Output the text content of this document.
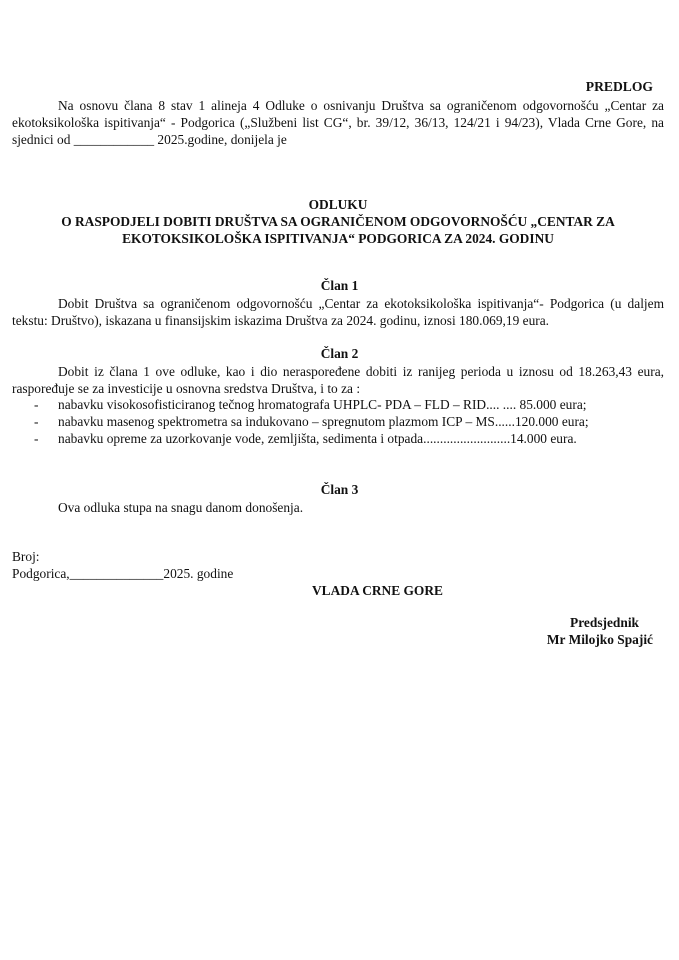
PREDLOG
Na osnovu člana 8 stav 1 alineja 4 Odluke o osnivanju Društva sa ograničenom odgovornošću „Centar za ekotoksikološka ispitivanja“ - Podgorica („Službeni list CG“, br. 39/12, 36/13, 124/21 i 94/23), Vlada Crne Gore, na sjednici od ____________ 2025.godine, donijela je
ODLUKU
O RASPODJELI DOBITI DRUŠTVA SA OGRANIČENOM ODGOVORNOŠĆU „CENTAR ZA EKOTOKSIKOLOŠKA ISPITIVANJA“ PODGORICA ZA 2024. GODINU
Član 1
Dobit Društva sa ograničenom odgovornošću „Centar za ekotoksikološka ispitivanja“- Podgorica (u daljem tekstu: Društvo), iskazana u finansijskim iskazima Društva za 2024. godinu, iznosi 180.069,19 eura.
Član 2
Dobit iz člana 1 ove odluke, kao i dio neraspoređene dobiti iz ranijeg perioda u iznosu od 18.263,43 eura, raspoređuje se za investicije u osnovna sredstva Društva, i to za :
- nabavku visokosofisticiranog tečnog hromatografa UHPLC- PDA – FLD – RID.... .... 85.000 eura;
- nabavku masenog spektrometra sa indukovano – spregnutom plazmom ICP – MS......120.000 eura;
- nabavku opreme za uzorkovanje vode, zemljišta, sedimenta i otpada..........................14.000 eura.
Član 3
Ova odluka stupa na snagu danom donošenja.
Broj:
Podgorica,______________2025. godine
VLADA CRNE GORE
Predsjednik
Mr Milojko Spajić
